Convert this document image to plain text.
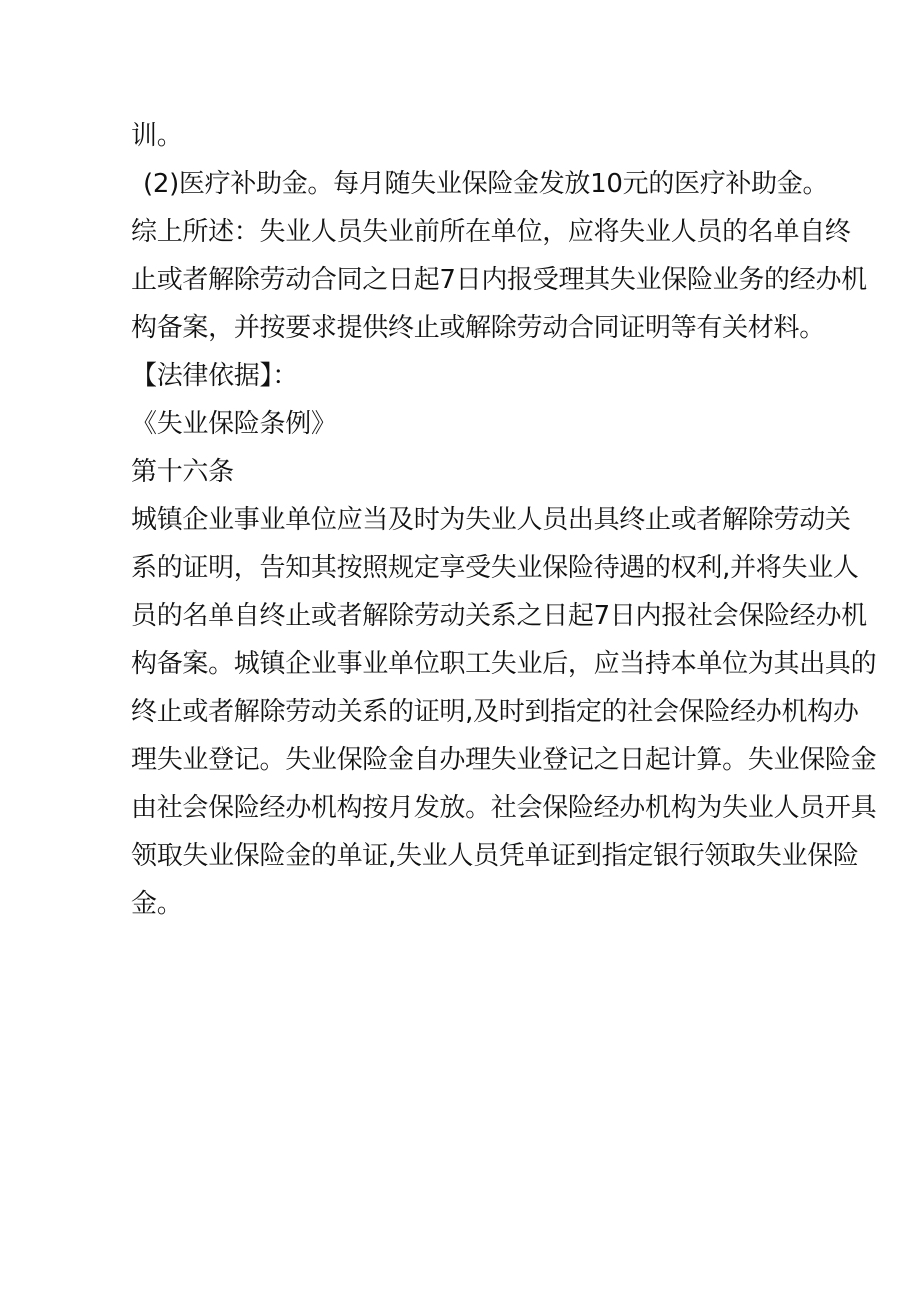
训。
(2)医疗补助金。每月随失业保险金发放10元的医疗补助金。
综上所述：失业人员失业前所在单位，应将失业人员的名单自终
止或者解除劳动合同之日起7日内报受理其失业保险业务的经办机
构备案，并按要求提供终止或解除劳动合同证明等有关材料。
【法律依据】：
《失业保险条例》
第十六条
城镇企业事业单位应当及时为失业人员出具终止或者解除劳动关
系的证明，告知其按照规定享受失业保险待遇的权利,并将失业人
员的名单自终止或者解除劳动关系之日起7日内报社会保险经办机
构备案。城镇企业事业单位职工失业后，应当持本单位为其出具的
终止或者解除劳动关系的证明,及时到指定的社会保险经办机构办
理失业登记。失业保险金自办理失业登记之日起计算。失业保险金
由社会保险经办机构按月发放。社会保险经办机构为失业人员开具
领取失业保险金的单证,失业人员凭单证到指定银行领取失业保险
金。
